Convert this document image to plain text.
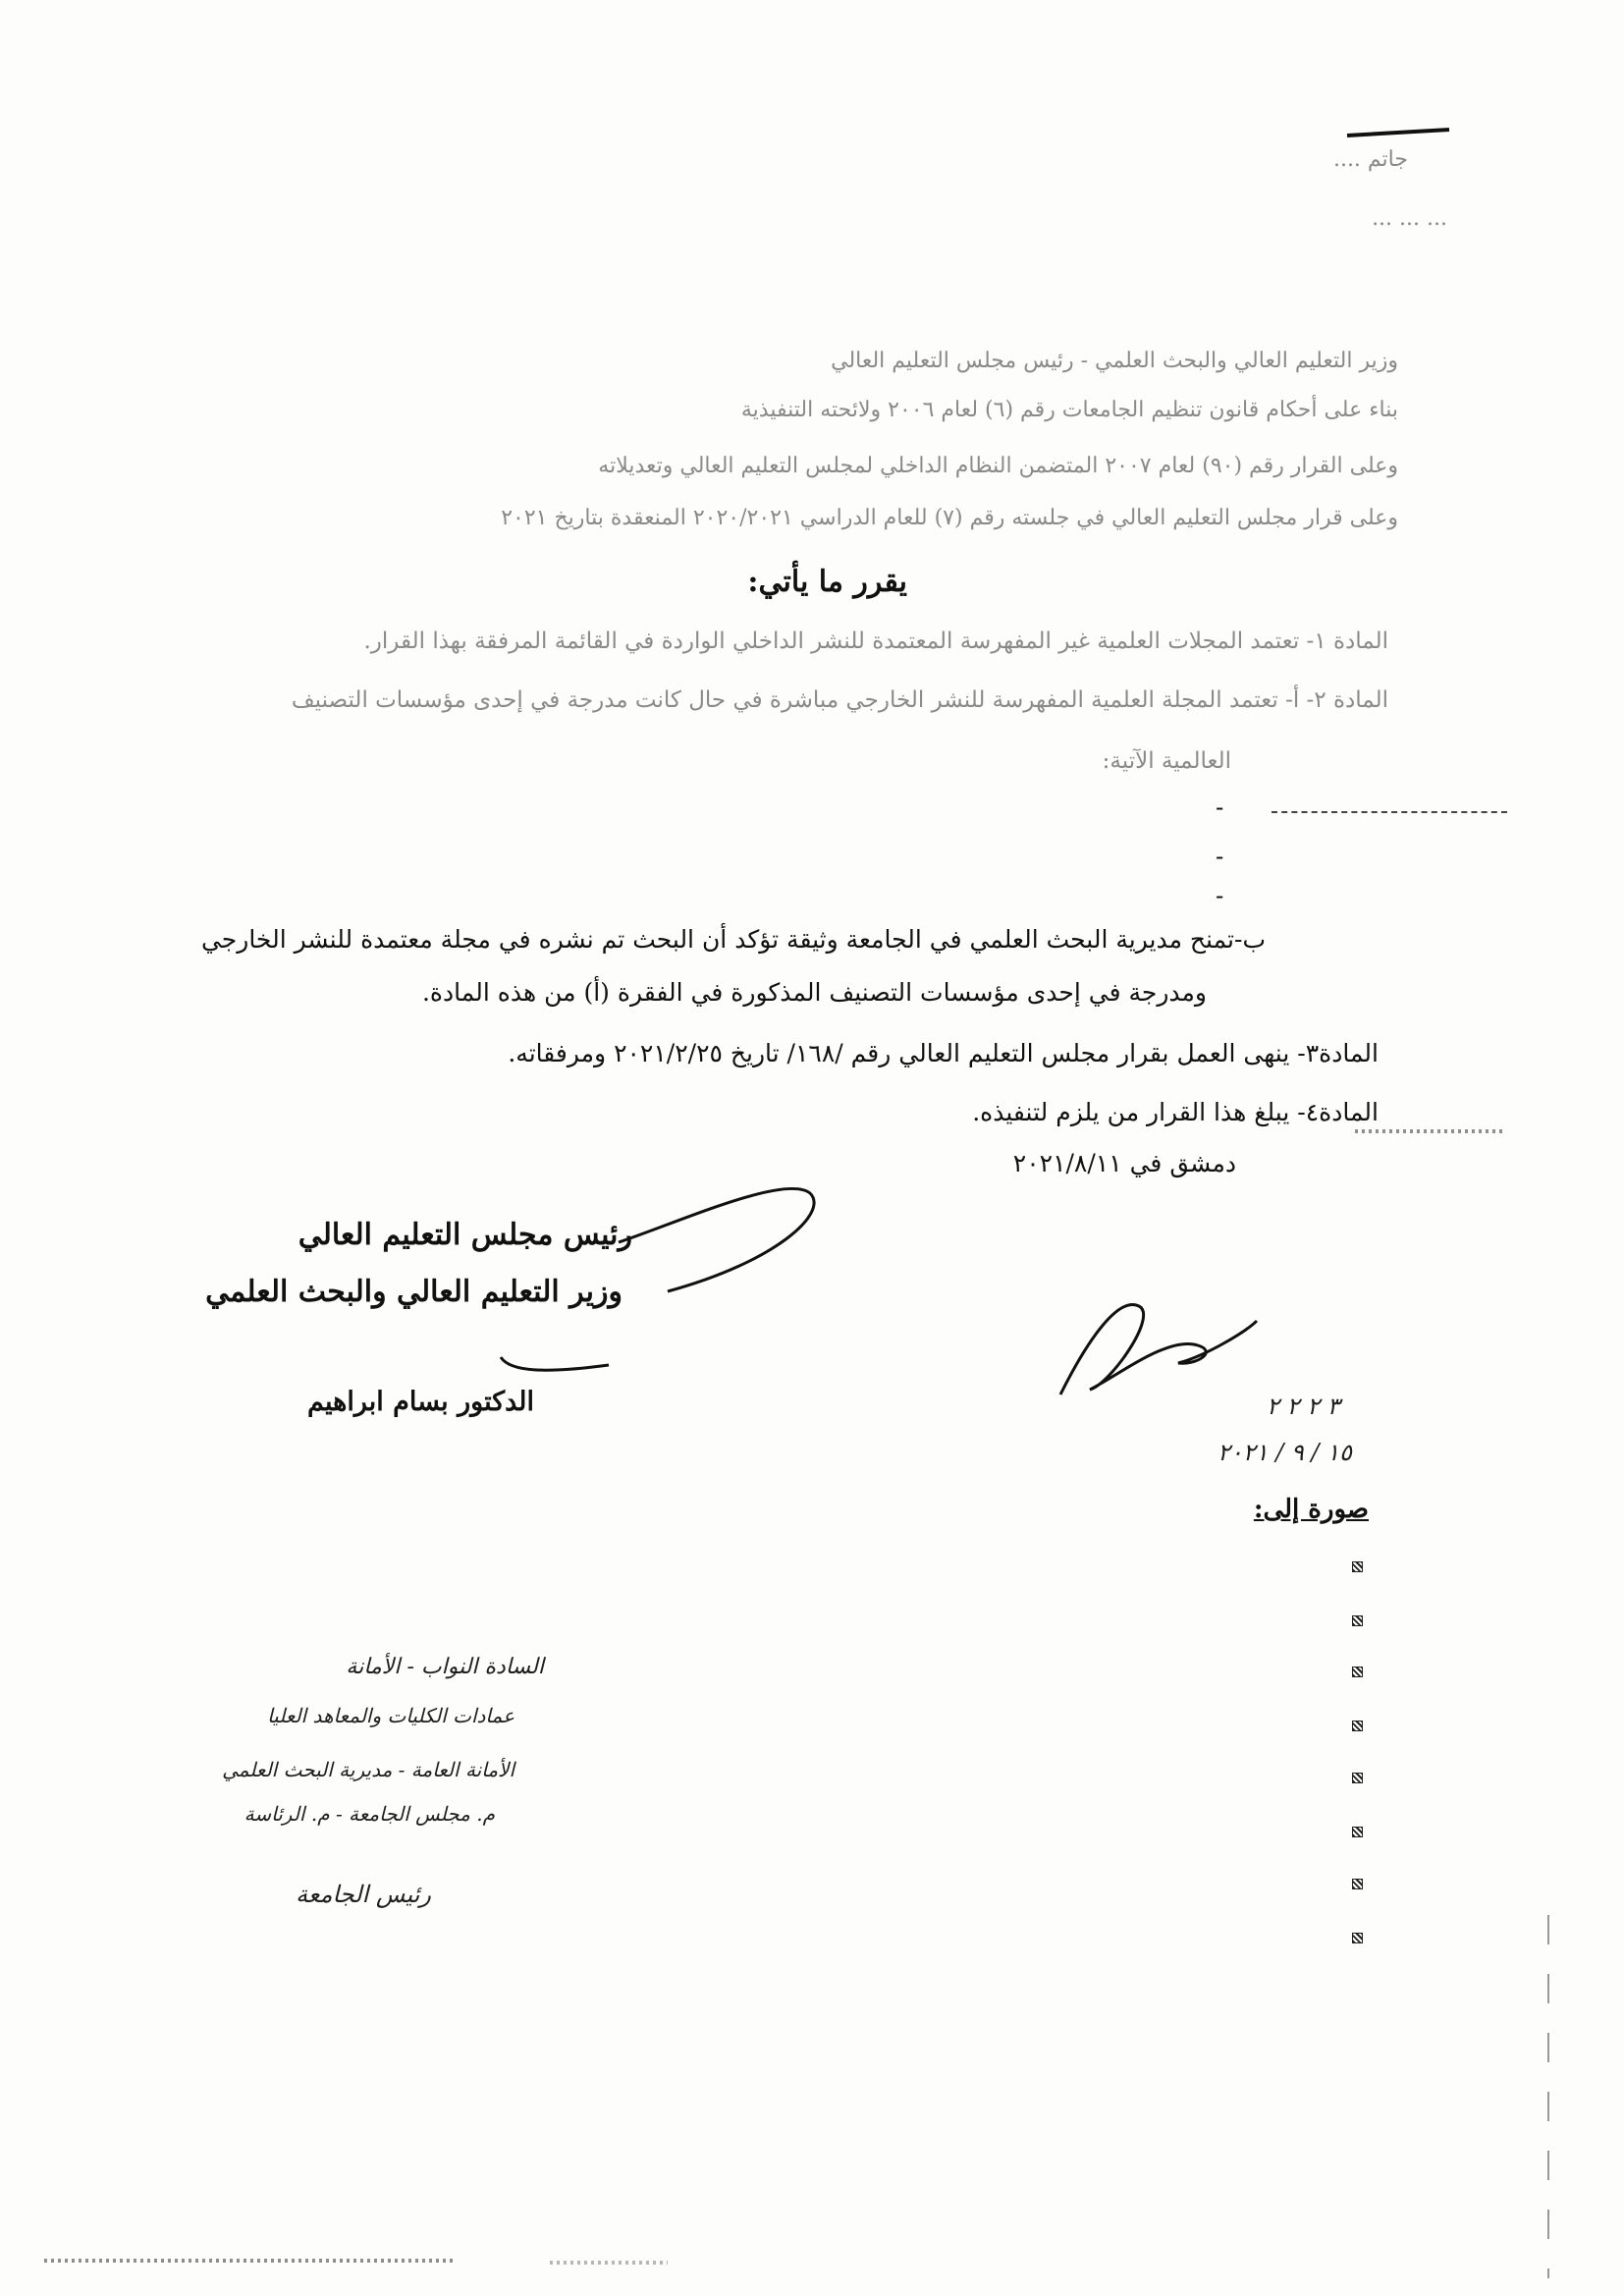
جاتم ....
... ... ...
وزير التعليم العالي والبحث العلمي - رئيس مجلس التعليم العالي
بناء على أحكام قانون تنظيم الجامعات رقم (٦) لعام ٢٠٠٦ ولائحته التنفيذية
وعلى القرار رقم (٩٠) لعام ٢٠٠٧ المتضمن النظام الداخلي لمجلس التعليم العالي وتعديلاته
وعلى قرار مجلس التعليم العالي في جلسته رقم (٧) للعام الدراسي ٢٠٢٠/٢٠٢١ المنعقدة بتاريخ ٢٠٢١
يقرر ما يأتي:
المادة ١- تعتمد المجلات العلمية غير المفهرسة المعتمدة للنشر الداخلي الواردة في القائمة المرفقة بهذا القرار.
المادة ٢- أ- تعتمد المجلة العلمية المفهرسة للنشر الخارجي مباشرة في حال كانت مدرجة في إحدى مؤسسات التصنيف
العالمية الآتية:
-
-
-
ب-تمنح مديرية البحث العلمي في الجامعة وثيقة تؤكد أن البحث تم نشره في مجلة معتمدة للنشر الخارجي
ومدرجة في إحدى مؤسسات التصنيف المذكورة في الفقرة (أ) من هذه المادة.
المادة٣- ينهى العمل بقرار مجلس التعليم العالي رقم /١٦٨/ تاريخ ٢٠٢١/٢/٢٥ ومرفقاته.
المادة٤- يبلغ هذا القرار من يلزم لتنفيذه.
دمشق في ٢٠٢١/٨/١١
رئيس مجلس التعليم العالي
وزير التعليم العالي والبحث العلمي
الدكتور بسام ابراهيم	٣ ٢ ٢ ٢
١٥ / ٩ / ٢٠٢١
صورة إلى:
السادة النواب - الأمانة
عمادات الكليات والمعاهد العليا
الأمانة العامة - مديرية البحث العلمي
م. مجلس الجامعة - م. الرئاسة
رئيس الجامعة
